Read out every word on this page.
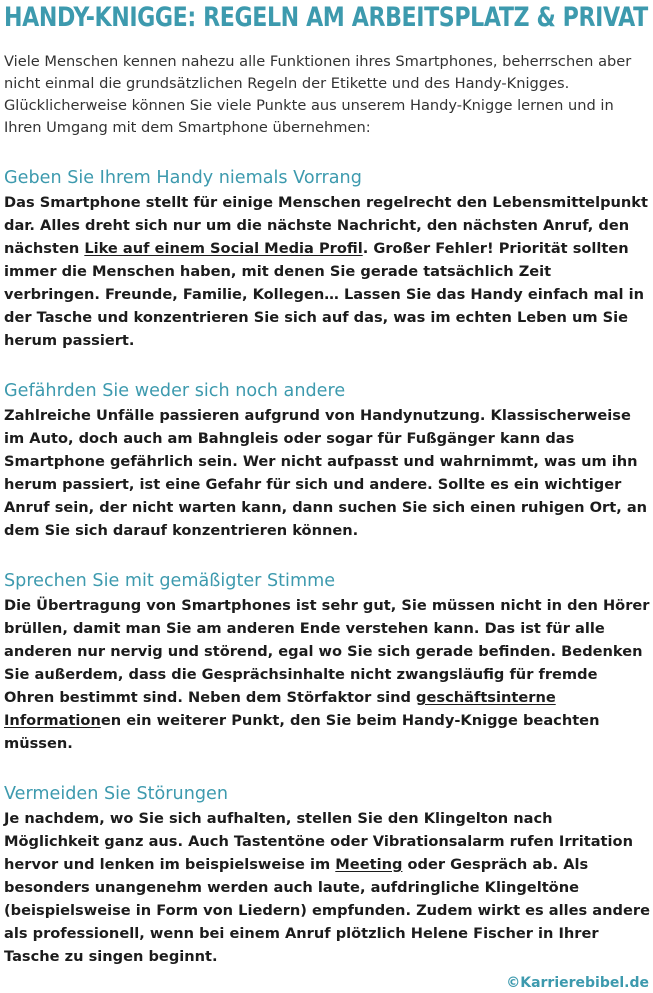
HANDY-KNIGGE: REGELN AM ARBEITSPLATZ & PRIVAT

Viele Menschen kennen nahezu alle Funktionen ihres Smartphones, beherrschen aber nicht einmal die grundsätzlichen Regeln der Etikette und des Handy-Knigges. Glücklicherweise können Sie viele Punkte aus unserem Handy-Knigge lernen und in Ihren Umgang mit dem Smartphone übernehmen:

Geben Sie Ihrem Handy niemals Vorrang

Das Smartphone stellt für einige Menschen regelrecht den Lebensmittelpunkt dar. Alles dreht sich nur um die nächste Nachricht, den nächsten Anruf, den nächsten Like auf einem Social Media Profil. Großer Fehler! Priorität sollten immer die Menschen haben, mit denen Sie gerade tatsächlich Zeit verbringen. Freunde, Familie, Kollegen… Lassen Sie das Handy einfach mal in der Tasche und konzentrieren Sie sich auf das, was im echten Leben um Sie herum passiert.

Gefährden Sie weder sich noch andere

Zahlreiche Unfälle passieren aufgrund von Handynutzung. Klassischerweise im Auto, doch auch am Bahngleis oder sogar für Fußgänger kann das Smartphone gefährlich sein. Wer nicht aufpasst und wahrnimmt, was um ihn herum passiert, ist eine Gefahr für sich und andere. Sollte es ein wichtiger Anruf sein, der nicht warten kann, dann suchen Sie sich einen ruhigen Ort, an dem Sie sich darauf konzentrieren können.

Sprechen Sie mit gemäßigter Stimme

Die Übertragung von Smartphones ist sehr gut, Sie müssen nicht in den Hörer brüllen, damit man Sie am anderen Ende verstehen kann. Das ist für alle anderen nur nervig und störend, egal wo Sie sich gerade befinden. Bedenken Sie außerdem, dass die Gesprächsinhalte nicht zwangsläufig für fremde Ohren bestimmt sind. Neben dem Störfaktor sind geschäftsinterne Informationen ein weiterer Punkt, den Sie beim Handy-Knigge beachten müssen.

Vermeiden Sie Störungen

Je nachdem, wo Sie sich aufhalten, stellen Sie den Klingelton nach Möglichkeit ganz aus. Auch Tastentöne oder Vibrationsalarm rufen Irritation hervor und lenken im beispielsweise im Meeting oder Gespräch ab. Als besonders unangenehm werden auch laute, aufdringliche Klingeltöne (beispielsweise in Form von Liedern) empfunden. Zudem wirkt es alles andere als professionell, wenn bei einem Anruf plötzlich Helene Fischer in Ihrer Tasche zu singen beginnt.

©Karrierebibel.de
